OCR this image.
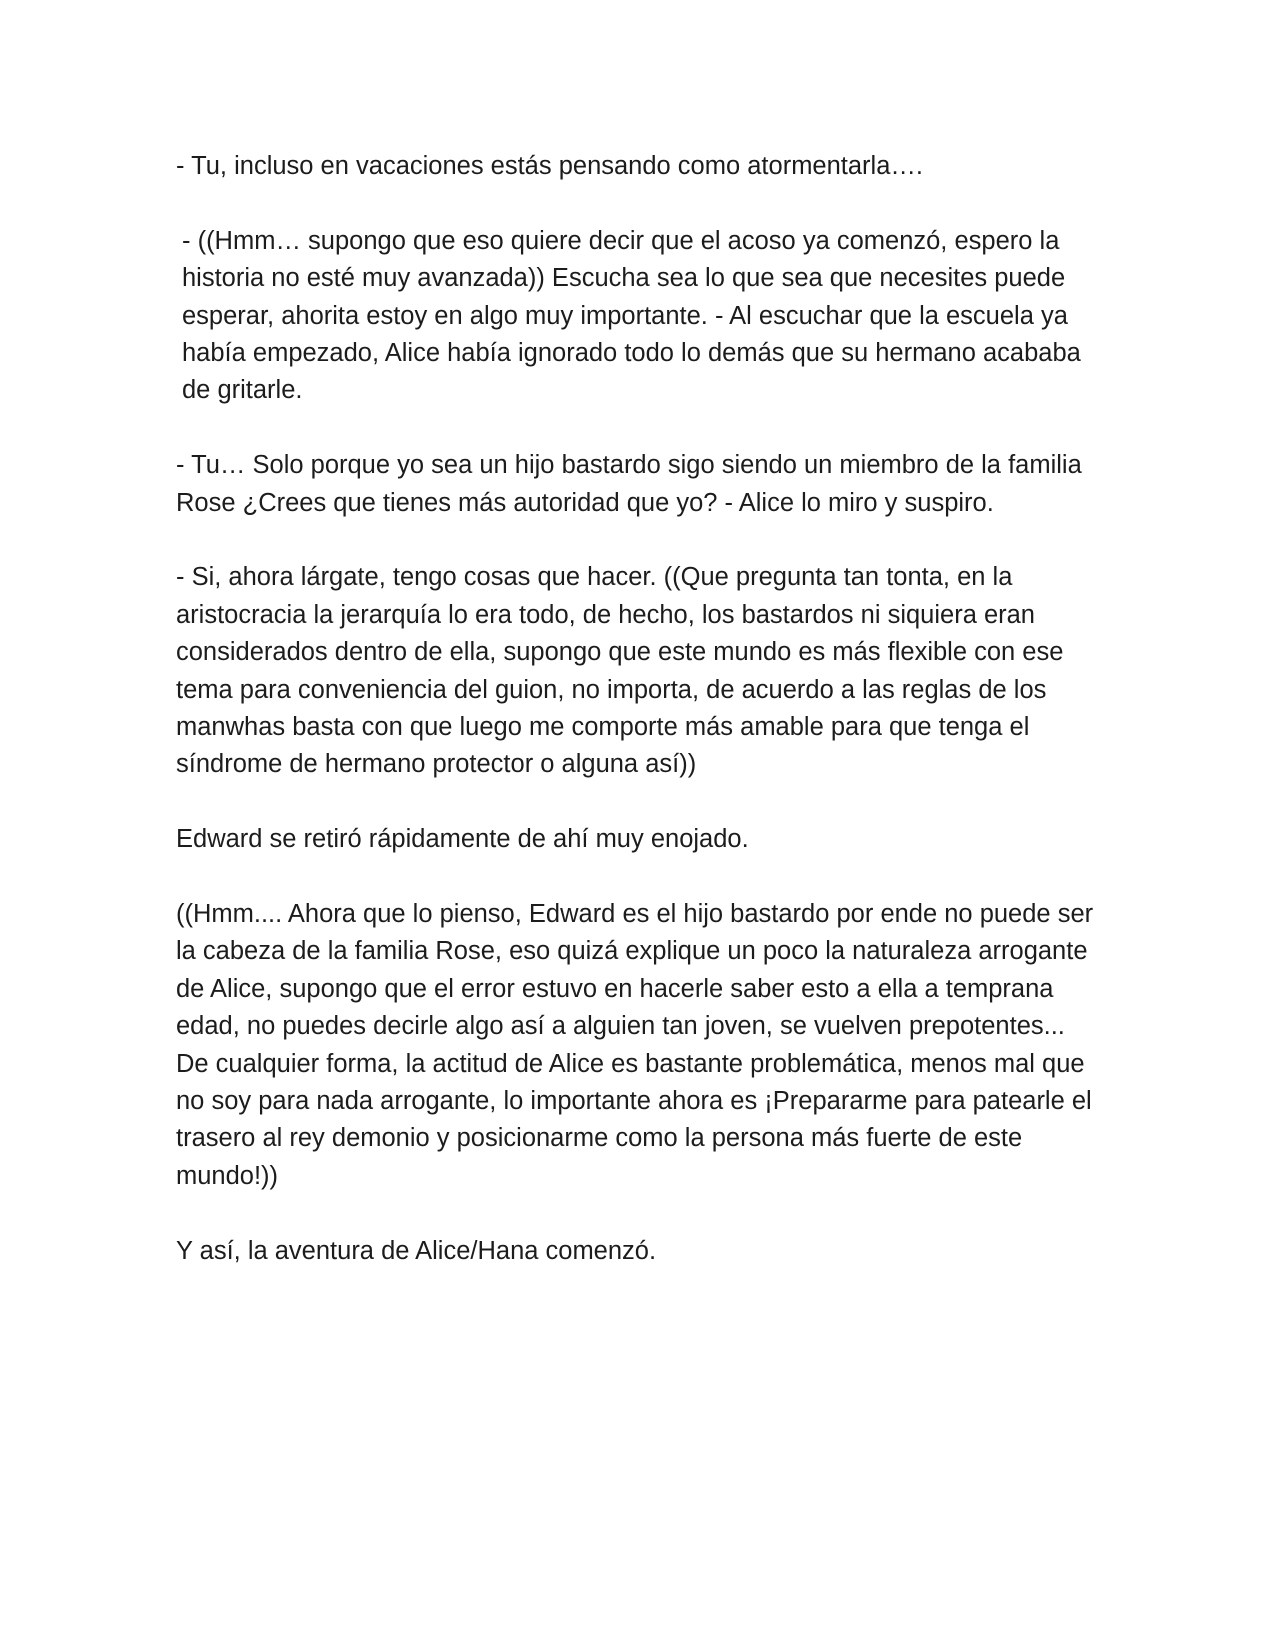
- Tu, incluso en vacaciones estás pensando como atormentarla….

- ((Hmm… supongo que eso quiere decir que el acoso ya comenzó, espero la historia no esté muy avanzada)) Escucha sea lo que sea que necesites puede esperar, ahorita estoy en algo muy importante. - Al escuchar que la escuela ya había empezado, Alice había ignorado todo lo demás que su hermano acababa de gritarle.

- Tu… Solo porque yo sea un hijo bastardo sigo siendo un miembro de la familia Rose ¿Crees que tienes más autoridad que yo? - Alice lo miro y suspiro.

- Si, ahora lárgate, tengo cosas que hacer. ((Que pregunta tan tonta, en la aristocracia la jerarquía lo era todo, de hecho, los bastardos ni siquiera eran considerados dentro de ella, supongo que este mundo es más flexible con ese tema para conveniencia del guion, no importa, de acuerdo a las reglas de los manwhas basta con que luego me comporte más amable para que tenga el síndrome de hermano protector o alguna así))

Edward se retiró rápidamente de ahí muy enojado.

((Hmm.... Ahora que lo pienso, Edward es el hijo bastardo por ende no puede ser la cabeza de la familia Rose, eso quizá explique un poco la naturaleza arrogante de Alice, supongo que el error estuvo en hacerle saber esto a ella a temprana edad, no puedes decirle algo así a alguien tan joven, se vuelven prepotentes... De cualquier forma, la actitud de Alice es bastante problemática, menos mal que no soy para nada arrogante, lo importante ahora es ¡Prepararme para patearle el trasero al rey demonio y posicionarme como la persona más fuerte de este mundo!))

Y así, la aventura de Alice/Hana comenzó.
